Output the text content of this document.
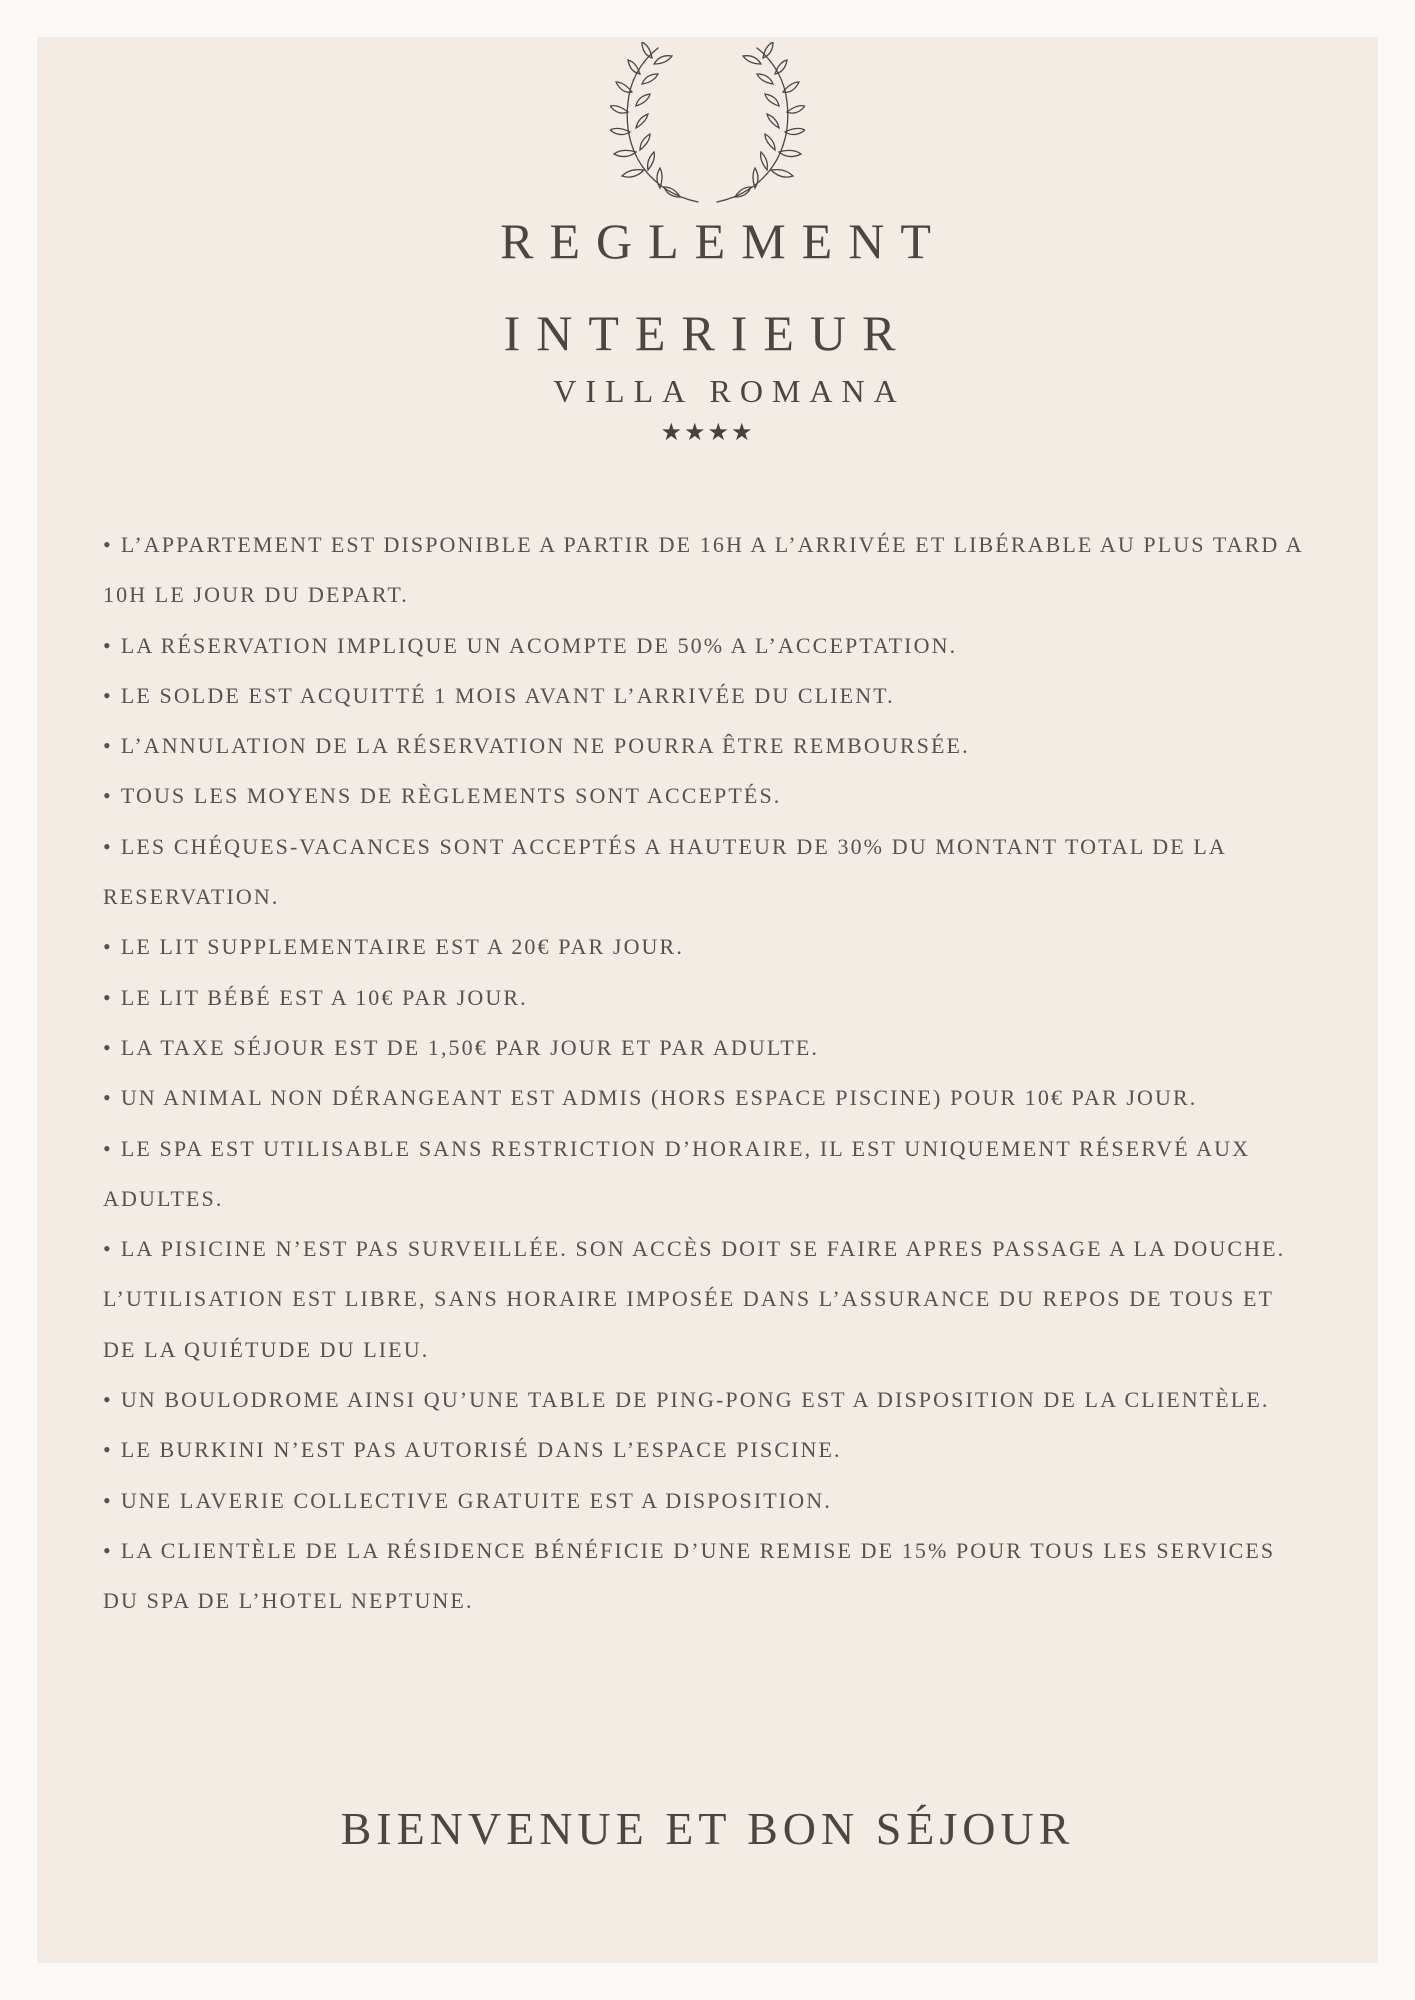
REGLEMENT
INTERIEUR
VILLA ROMANA
★★★★
• L’APPARTEMENT EST DISPONIBLE A PARTIR DE 16H A L’ARRIVÉE ET LIBÉRABLE AU PLUS TARD A 10H LE JOUR DU DEPART.
• LA RÉSERVATION IMPLIQUE UN ACOMPTE DE 50% A L’ACCEPTATION.
• LE SOLDE EST ACQUITTÉ 1 MOIS AVANT L’ARRIVÉE DU CLIENT.
• L’ANNULATION DE LA RÉSERVATION NE POURRA ÊTRE REMBOURSÉE.
• TOUS LES MOYENS DE RÈGLEMENTS SONT ACCEPTÉS.
• LES CHÉQUES-VACANCES SONT ACCEPTÉS A HAUTEUR DE 30% DU MONTANT TOTAL DE LA RESERVATION.
• LE LIT SUPPLEMENTAIRE EST A 20€ PAR JOUR.
• LE LIT BÉBÉ EST A 10€ PAR JOUR.
• LA TAXE SÉJOUR EST DE 1,50€ PAR JOUR ET PAR ADULTE.
• UN ANIMAL NON DÉRANGEANT EST ADMIS (HORS ESPACE PISCINE) POUR 10€ PAR JOUR.
• LE SPA EST UTILISABLE SANS RESTRICTION D’HORAIRE, IL EST UNIQUEMENT RÉSERVÉ AUX ADULTES.
• LA PISICINE N’EST PAS SURVEILLÉE. SON ACCÈS DOIT SE FAIRE APRES PASSAGE A LA DOUCHE. L’UTILISATION EST LIBRE, SANS HORAIRE IMPOSÉE DANS L’ASSURANCE DU REPOS DE TOUS ET DE LA QUIÉTUDE DU LIEU.
• UN BOULODROME AINSI QU’UNE TABLE DE PING-PONG EST A DISPOSITION DE LA CLIENTÈLE.
• LE BURKINI N’EST PAS AUTORISÉ DANS L’ESPACE PISCINE.
• UNE LAVERIE COLLECTIVE GRATUITE EST A DISPOSITION.
• LA CLIENTÈLE DE LA RÉSIDENCE BÉNÉFICIE D’UNE REMISE DE 15% POUR TOUS LES SERVICES DU SPA DE L’HOTEL NEPTUNE.
BIENVENUE ET BON SÉJOUR
